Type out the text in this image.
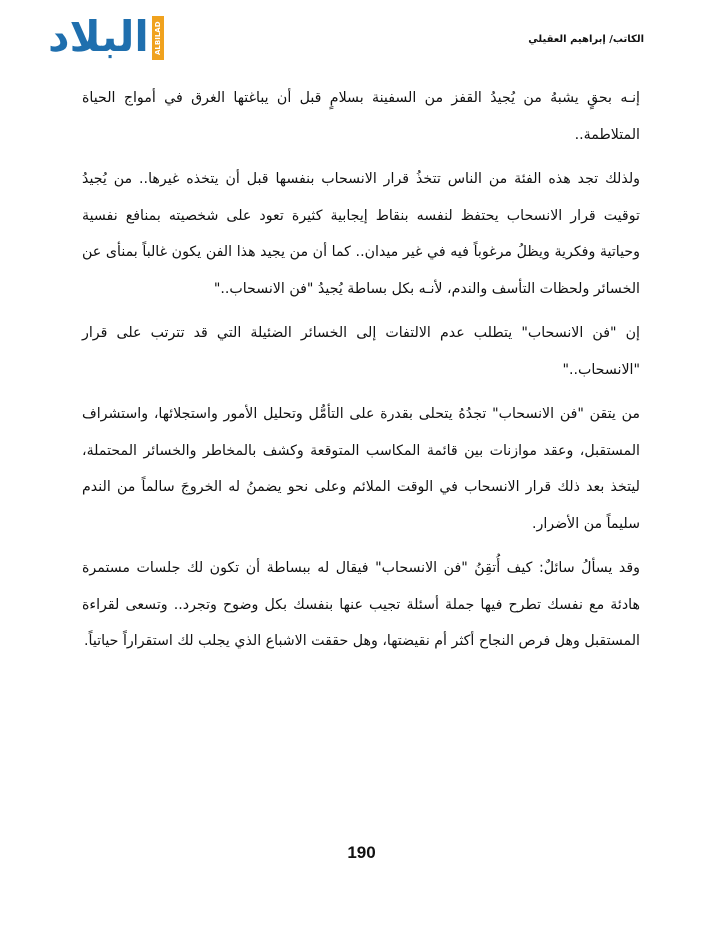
البلاد ALBILAD TV	الكاتب/ إبراهيم العقيلي

إنـه بحقٍ يشبهُ من يُجيدُ القفز من السفينة بسلامٍ قبل أن يباغتها الغرق في أمواج الحياة المتلاطمة..

ولذلك تجد هذه الفئة من الناس تتخذُ قرار الانسحاب بنفسها قبل أن يتخذه غيرها.. من يُجيدُ توقيت قرار الانسحاب يحتفظ لنفسه بنقاط إيجابية كثيرة تعود على شخصيته بمنافع نفسية وحياتية وفكرية ويظلُ مرغوباً فيه في غير ميدان.. كما أن من يجيد هذا الفن يكون غالباً بمنأى عن الخسائر ولحظات التأسف والندم، لأنـه بكل بساطة يُجيدُ "فن الانسحاب.."

إن "فن الانسحاب" يتطلب عدم الالتفات إلى الخسائر الضئيلة التي قد تترتب على قرار "الانسحاب.."

من يتقن "فن الانسحاب" تجدُهُ يتحلى بقدرة على التأمُّل وتحليل الأمور واستجلائها، واستشراف المستقبل، وعقد موازنات بين قائمة المكاسب المتوقعة وكشف بالمخاطر والخسائر المحتملة، ليتخذ بعد ذلك قرار الانسحاب في الوقت الملائم وعلى نحو يضمنُ له الخروجَ سالماً من الندم سليماً من الأضرار.

وقد يسألُ سائلٌ: كيف أُتقِنُ "فن الانسحاب" فيقال له ببساطة أن تكون لك جلسات مستمرة هادئة مع نفسك تطرح فيها جملة أسئلة تجيب عنها بنفسك بكل وضوح وتجرد.. وتسعى لقراءة المستقبل وهل فرص النجاح أكثر أم نقيضتها، وهل حققت الاشباع الذي يجلب لك استقراراً حياتياً.

190
